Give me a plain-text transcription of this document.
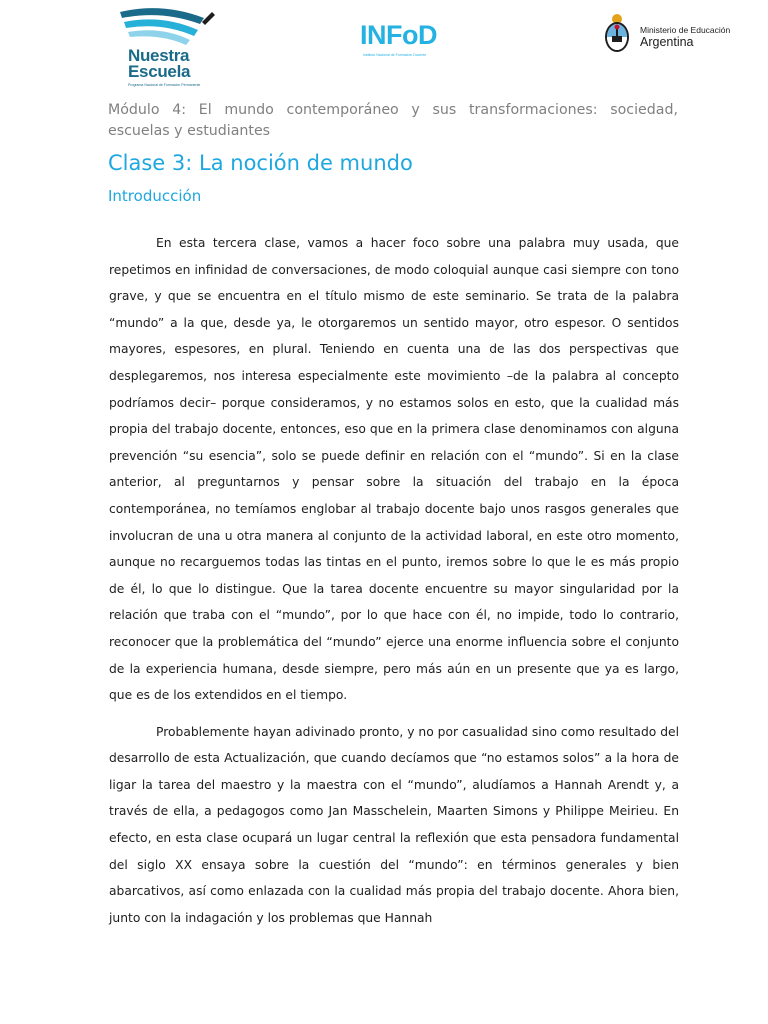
Nuestra
Escuela
Programa Nacional de Formación Permanente
INFoD
Instituto Nacional de Formación Docente
Ministerio de Educación
Argentina
Módulo 4: El mundo contemporáneo y sus transformaciones: sociedad, escuelas y estudiantes
Clase 3: La noción de mundo
Introducción

En esta tercera clase, vamos a hacer foco sobre una palabra muy usada, que repetimos en infinidad de conversaciones, de modo coloquial aunque casi siempre con tono grave, y que se encuentra en el título mismo de este seminario. Se trata de la palabra “mundo” a la que, desde ya, le otorgaremos un sentido mayor, otro espesor. O sentidos mayores, espesores, en plural. Teniendo en cuenta una de las dos perspectivas que desplegaremos, nos interesa especialmente este movimiento –de la palabra al concepto podríamos decir– porque consideramos, y no estamos solos en esto, que la cualidad más propia del trabajo docente, entonces, eso que en la primera clase denominamos con alguna prevención “su esencia”, solo se puede definir en relación con el “mundo”. Si en la clase anterior, al preguntarnos y pensar sobre la situación del trabajo en la época contemporánea, no temíamos englobar al trabajo docente bajo unos rasgos generales que involucran de una u otra manera al conjunto de la actividad laboral, en este otro momento, aunque no recarguemos todas las tintas en el punto, iremos sobre lo que le es más propio de él, lo que lo distingue. Que la tarea docente encuentre su mayor singularidad por la relación que traba con el “mundo”, por lo que hace con él, no impide, todo lo contrario, reconocer que la problemática del “mundo” ejerce una enorme influencia sobre el conjunto de la experiencia humana, desde siempre, pero más aún en un presente que ya es largo, que es de los extendidos en el tiempo.

Probablemente hayan adivinado pronto, y no por casualidad sino como resultado del desarrollo de esta Actualización, que cuando decíamos que “no estamos solos” a la hora de ligar la tarea del maestro y la maestra con el “mundo”, aludíamos a Hannah Arendt y, a través de ella, a pedagogos como Jan Masschelein, Maarten Simons y Philippe Meirieu. En efecto, en esta clase ocupará un lugar central la reflexión que esta pensadora fundamental del siglo XX ensaya sobre la cuestión del “mundo”: en términos generales y bien abarcativos, así como enlazada con la cualidad más propia del trabajo docente. Ahora bien, junto con la indagación y los problemas que Hannah
